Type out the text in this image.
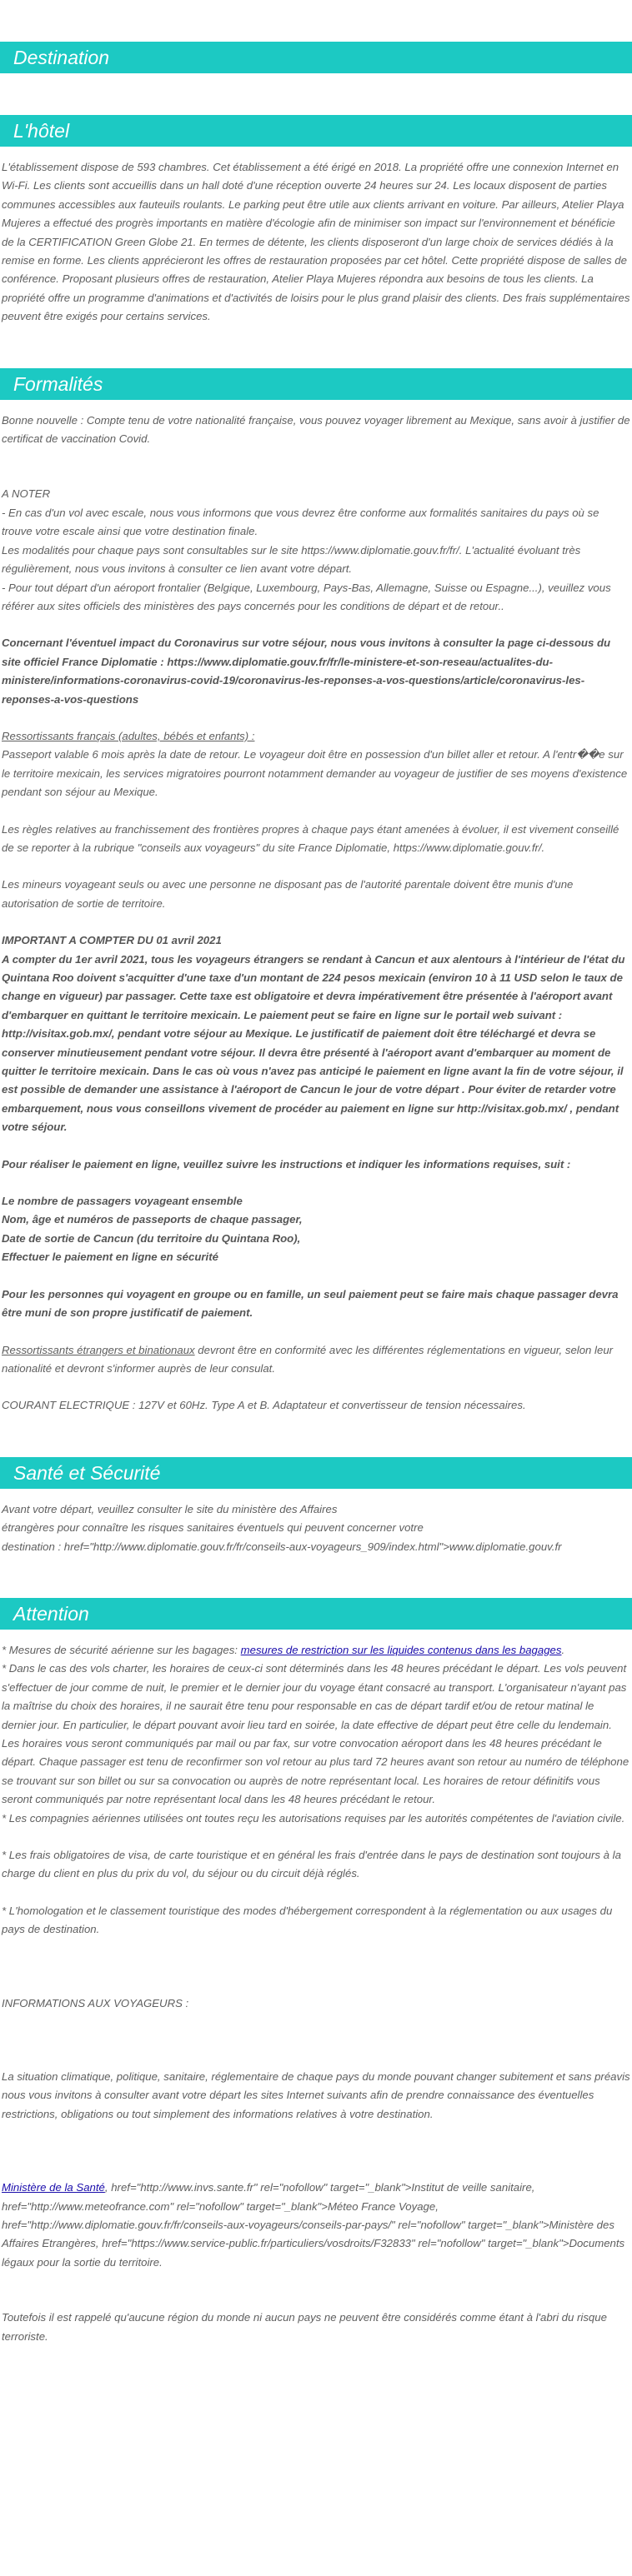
Destination
L'hôtel

L'établissement dispose de 593 chambres. Cet établissement a été érigé en 2018. La propriété offre une connexion Internet en Wi-Fi. Les clients sont accueillis dans un hall doté d'une réception ouverte 24 heures sur 24. Les locaux disposent de parties communes accessibles aux fauteuils roulants. Le parking peut être utile aux clients arrivant en voiture. Par ailleurs, Atelier Playa Mujeres a effectué des progrès importants en matière d'écologie afin de minimiser son impact sur l'environnement et bénéficie de la CERTIFICATION Green Globe 21. En termes de détente, les clients disposeront d'un large choix de services dédiés à la remise en forme. Les clients apprécieront les offres de restauration proposées par cet hôtel. Cette propriété dispose de salles de conférence. Proposant plusieurs offres de restauration, Atelier Playa Mujeres répondra aux besoins de tous les clients. La propriété offre un programme d'animations et d'activités de loisirs pour le plus grand plaisir des clients. Des frais supplémentaires peuvent être exigés pour certains services.

Formalités

Bonne nouvelle : Compte tenu de votre nationalité française, vous pouvez voyager librement au Mexique, sans avoir à justifier de certificat de vaccination Covid.

A NOTER

- En cas d'un vol avec escale, nous vous informons que vous devrez être conforme aux formalités sanitaires du pays où se trouve votre escale ainsi que votre destination finale.

Les modalités pour chaque pays sont consultables sur le site https://www.diplomatie.gouv.fr/fr/. L'actualité évoluant très régulièrement, nous vous invitons à consulter ce lien avant votre départ.

- Pour tout départ d'un aéroport frontalier (Belgique, Luxembourg, Pays-Bas, Allemagne, Suisse ou Espagne...), veuillez vous référer aux sites officiels des ministères des pays concernés pour les conditions de départ et de retour..

Concernant l'éventuel impact du Coronavirus sur votre séjour, nous vous invitons à consulter la page ci-dessous du site officiel France Diplomatie : https://www.diplomatie.gouv.fr/fr/le-ministere-et-son-reseau/actualites-du-ministere/informations-coronavirus-covid-19/coronavirus-les-reponses-a-vos-questions/article/coronavirus-les-reponses-a-vos-questions

Ressortissants français (adultes, bébés et enfants) :

Passeport valable 6 mois après la date de retour. Le voyageur doit être en possession d'un billet aller et retour. A l'entr��e sur le territoire mexicain, les services migratoires pourront notamment demander au voyageur de justifier de ses moyens d'existence pendant son séjour au Mexique.

Les règles relatives au franchissement des frontières propres à chaque pays étant amenées à évoluer, il est vivement conseillé de se reporter à la rubrique "conseils aux voyageurs" du site France Diplomatie, https://www.diplomatie.gouv.fr/.

Les mineurs voyageant seuls ou avec une personne ne disposant pas de l'autorité parentale doivent être munis d'une autorisation de sortie de territoire.

IMPORTANT A COMPTER DU 01 avril 2021

A compter du 1er avril 2021, tous les voyageurs étrangers se rendant à Cancun et aux alentours à l'intérieur de l'état du Quintana Roo doivent s'acquitter d'une taxe d'un montant de 224 pesos mexicain (environ 10 à 11 USD selon le taux de change en vigueur) par passager. Cette taxe est obligatoire et devra impérativement être présentée à l'aéroport avant d'embarquer en quittant le territoire mexicain. Le paiement peut se faire en ligne sur le portail web suivant : http://visitax.gob.mx/, pendant votre séjour au Mexique. Le justificatif de paiement doit être téléchargé et devra se conserver minutieusement pendant votre séjour. Il devra être présenté à l'aéroport avant d'embarquer au moment de quitter le territoire mexicain. Dans le cas où vous n'avez pas anticipé le paiement en ligne avant la fin de votre séjour, il est possible de demander une assistance à l'aéroport de Cancun le jour de votre départ . Pour éviter de retarder votre embarquement, nous vous conseillons vivement de procéder au paiement en ligne sur http://visitax.gob.mx/ , pendant votre séjour.

Pour réaliser le paiement en ligne, veuillez suivre les instructions et indiquer les informations requises, suit :

Le nombre de passagers voyageant ensemble

Nom, âge et numéros de passeports de chaque passager,

Date de sortie de Cancun (du territoire du Quintana Roo),

Effectuer le paiement en ligne en sécurité

Pour les personnes qui voyagent en groupe ou en famille, un seul paiement peut se faire mais chaque passager devra être muni de son propre justificatif de paiement.

Ressortissants étrangers et binationaux devront être en conformité avec les différentes réglementations en vigueur, selon leur nationalité et devront s'informer auprès de leur consulat.

COURANT ELECTRIQUE : 127V et 60Hz. Type A et B. Adaptateur et convertisseur de tension nécessaires.

Santé et Sécurité

Avant votre départ, veuillez consulter le site du ministère des Affaires

étrangères pour connaître les risques sanitaires éventuels qui peuvent concerner votre

destination : href="http://www.diplomatie.gouv.fr/fr/conseils-aux-voyageurs_909/index.html">www.diplomatie.gouv.fr

Attention

* Mesures de sécurité aérienne sur les bagages: mesures de restriction sur les liquides contenus dans les bagages.

* Dans le cas des vols charter, les horaires de ceux-ci sont déterminés dans les 48 heures précédant le départ. Les vols peuvent s'effectuer de jour comme de nuit, le premier et le dernier jour du voyage étant consacré au transport. L'organisateur n'ayant pas la maîtrise du choix des horaires, il ne saurait être tenu pour responsable en cas de départ tardif et/ou de retour matinal le dernier jour. En particulier, le départ pouvant avoir lieu tard en soirée, la date effective de départ peut être celle du lendemain. Les horaires vous seront communiqués par mail ou par fax, sur votre convocation aéroport dans les 48 heures précédant le départ. Chaque passager est tenu de reconfirmer son vol retour au plus tard 72 heures avant son retour au numéro de téléphone se trouvant sur son billet ou sur sa convocation ou auprès de notre représentant local. Les horaires de retour définitifs vous seront communiqués par notre représentant local dans les 48 heures précédant le retour.

* Les compagnies aériennes utilisées ont toutes reçu les autorisations requises par les autorités compétentes de l'aviation civile.

* Les frais obligatoires de visa, de carte touristique et en général les frais d'entrée dans le pays de destination sont toujours à la charge du client en plus du prix du vol, du séjour ou du circuit déjà réglés.

* L'homologation et le classement touristique des modes d'hébergement correspondent à la réglementation ou aux usages du pays de destination.

INFORMATIONS AUX VOYAGEURS :

La situation climatique, politique, sanitaire, réglementaire de chaque pays du monde pouvant changer subitement et sans préavis

nous vous invitons à consulter avant votre départ les sites Internet suivants afin de prendre connaissance des éventuelles restrictions, obligations ou tout simplement des informations relatives à votre destination.

Ministère de la Santé, href="http://www.invs.sante.fr" rel="nofollow" target="_blank">Institut de veille sanitaire, href="http://www.meteofrance.com" rel="nofollow" target="_blank">Méteo France Voyage, href="http://www.diplomatie.gouv.fr/fr/conseils-aux-voyageurs/conseils-par-pays/" rel="nofollow" target="_blank">Ministère des Affaires Etrangères, href="https://www.service-public.fr/particuliers/vosdroits/F32833" rel="nofollow" target="_blank">Documents légaux pour la sortie du territoire.

Toutefois il est rappelé qu'aucune région du monde ni aucun pays ne peuvent être considérés comme étant à l'abri du risque terroriste.
